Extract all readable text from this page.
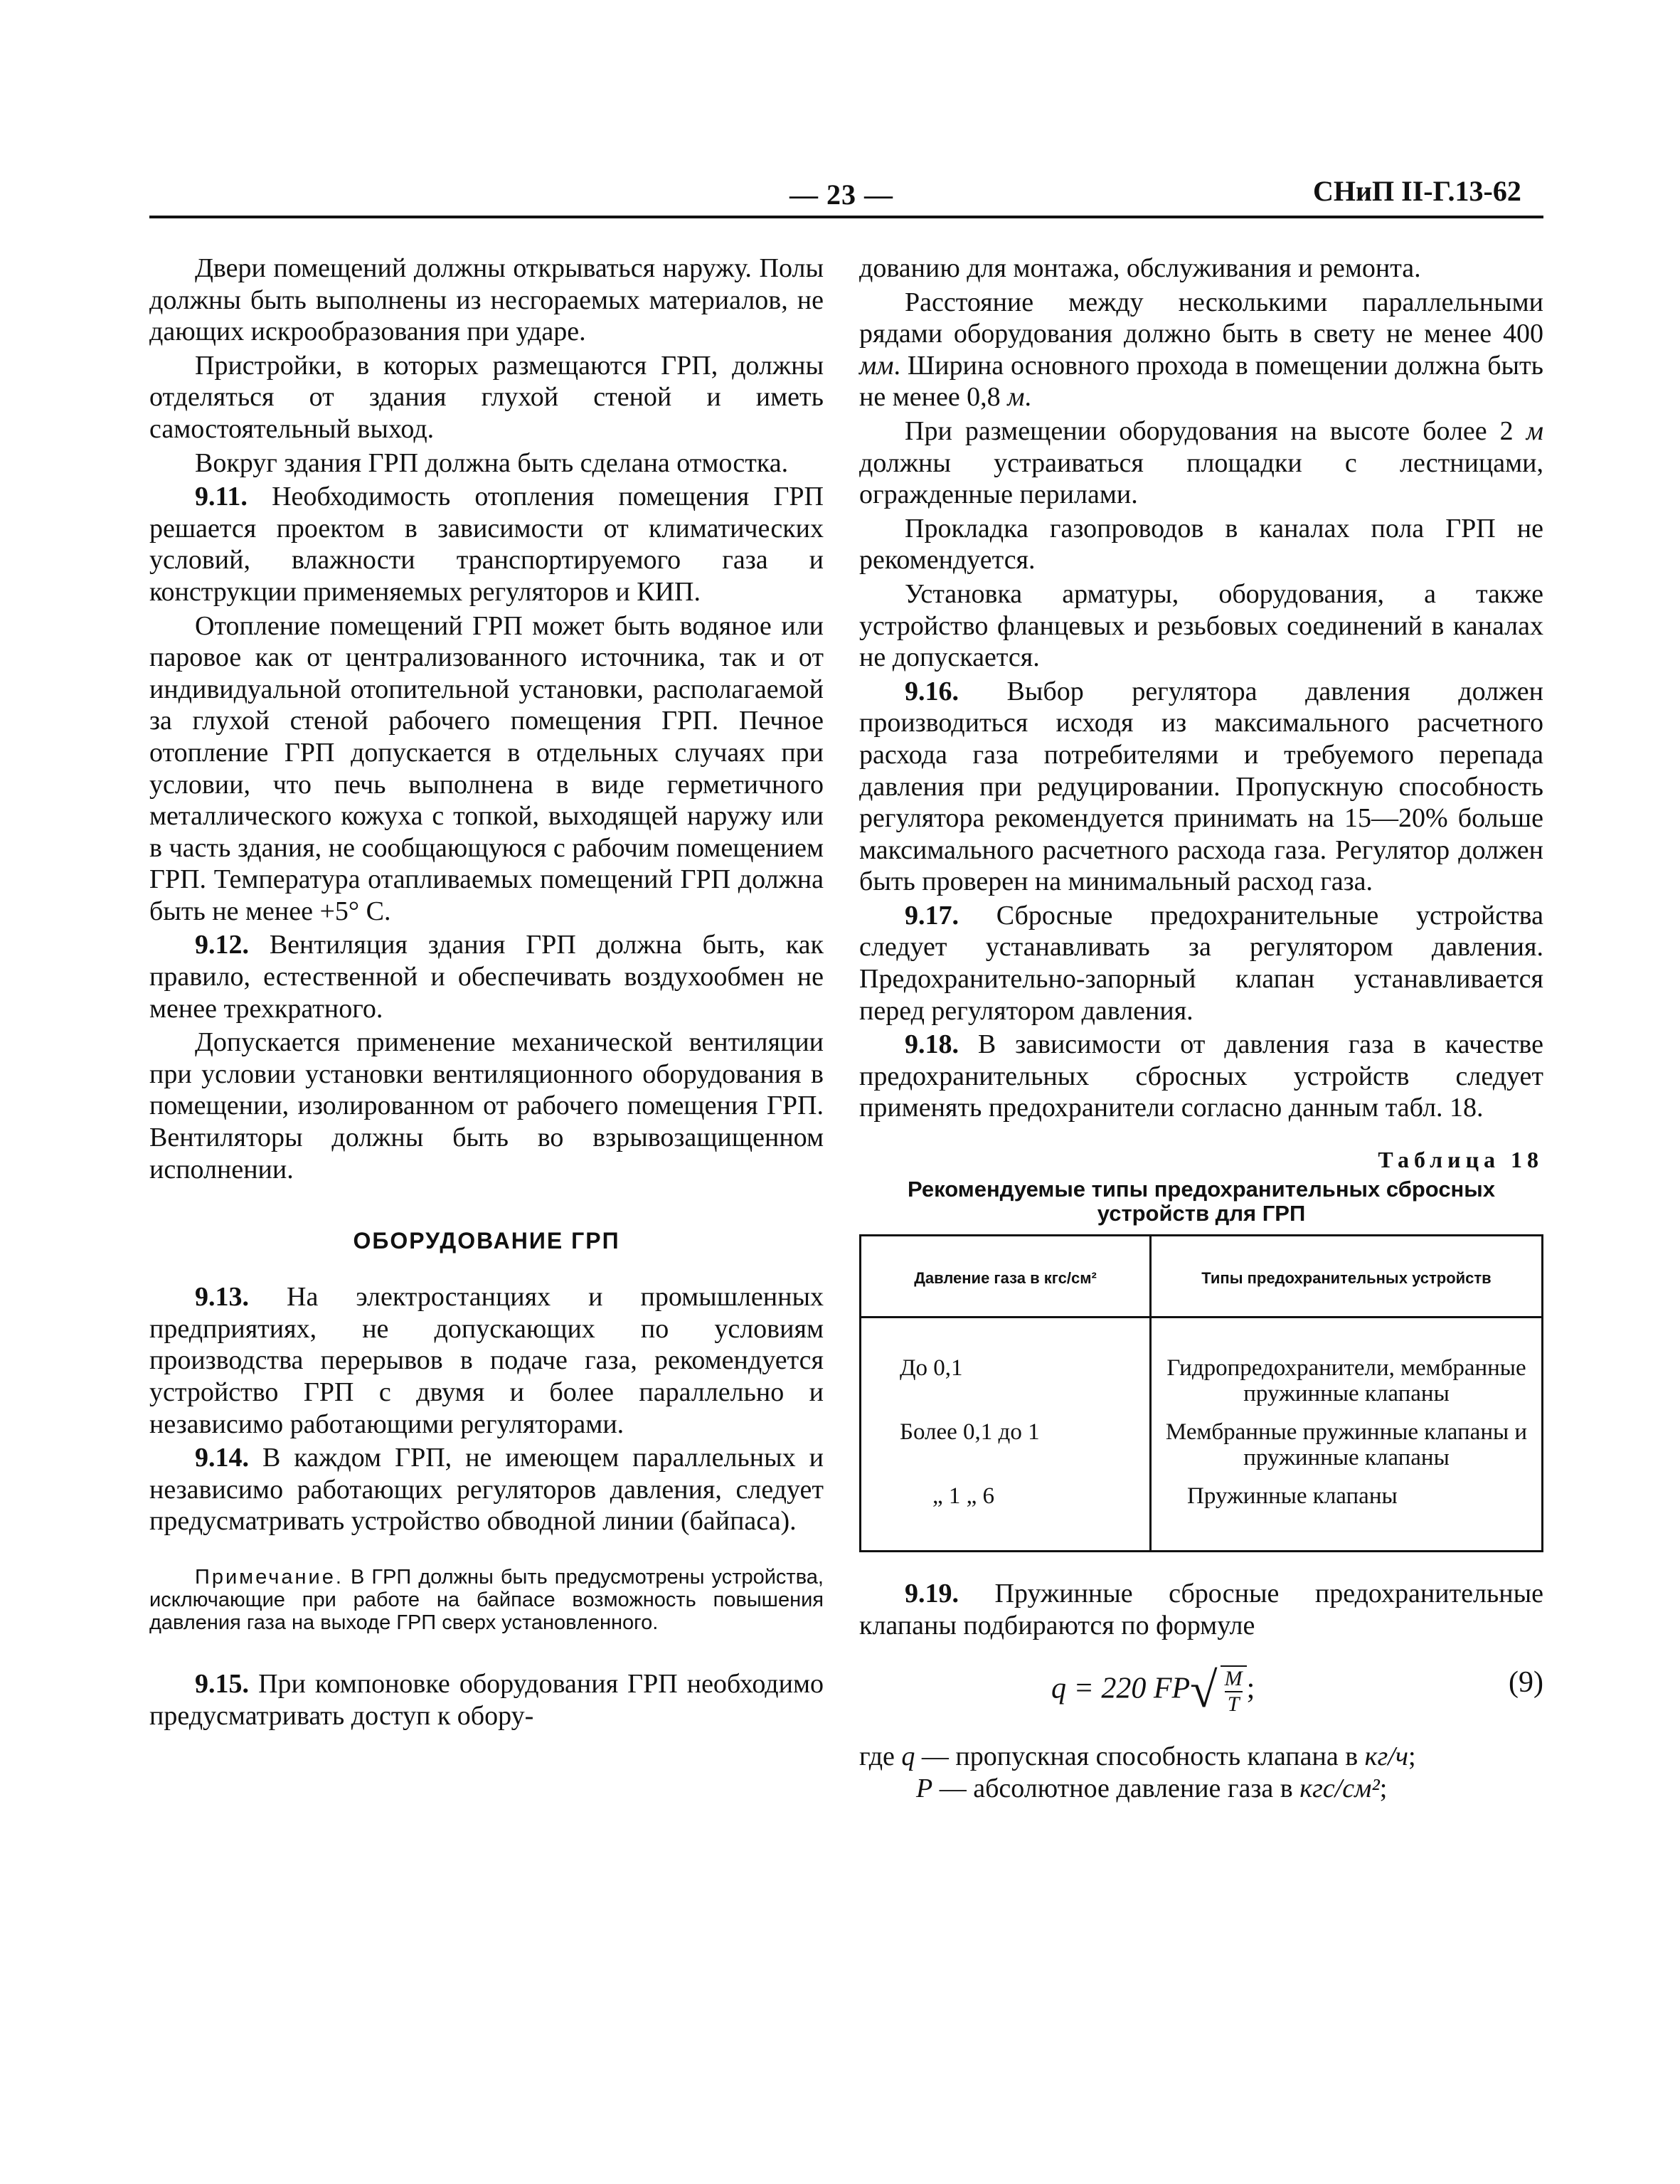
— 23 —	СНиП II-Г.13-62

Двери помещений должны открываться наружу. Полы должны быть выполнены из несгораемых материалов, не дающих искрообразования при ударе.

Пристройки, в которых размещаются ГРП, должны отделяться от здания глухой стеной и иметь самостоятельный выход.

Вокруг здания ГРП должна быть сделана отмостка.

9.11. Необходимость отопления помещения ГРП решается проектом в зависимости от климатических условий, влажности транспортируемого газа и конструкции применяемых регуляторов и КИП.

Отопление помещений ГРП может быть водяное или паровое как от централизованного источника, так и от индивидуальной отопительной установки, располагаемой за глухой стеной рабочего помещения ГРП. Печное отопление ГРП допускается в отдельных случаях при условии, что печь выполнена в виде герметичного металлического кожуха с топкой, выходящей наружу или в часть здания, не сообщающуюся с рабочим помещением ГРП. Температура отапливаемых помещений ГРП должна быть не менее +5° С.

9.12. Вентиляция здания ГРП должна быть, как правило, естественной и обеспечивать воздухообмен не менее трехкратного.

Допускается применение механической вентиляции при условии установки вентиляционного оборудования в помещении, изолированном от рабочего помещения ГРП. Вентиляторы должны быть во взрывозащищенном исполнении.

ОБОРУДОВАНИЕ ГРП

9.13. На электростанциях и промышленных предприятиях, не допускающих по условиям производства перерывов в подаче газа, рекомендуется устройство ГРП с двумя и более параллельно и независимо работающими регуляторами.

9.14. В каждом ГРП, не имеющем параллельных и независимо работающих регуляторов давления, следует предусматривать устройство обводной линии (байпаса).

Примечание. В ГРП должны быть предусмотрены устройства, исключающие при работе на байпасе возможность повышения давления газа на выходе ГРП сверх установленного.

9.15. При компоновке оборудования ГРП необходимо предусматривать доступ к обору-

дованию для монтажа, обслуживания и ремонта.

Расстояние между несколькими параллельными рядами оборудования должно быть в свету не менее 400 мм. Ширина основного прохода в помещении должна быть не менее 0,8 м.

При размещении оборудования на высоте более 2 м должны устраиваться площадки с лестницами, огражденные перилами.

Прокладка газопроводов в каналах пола ГРП не рекомендуется.

Установка арматуры, оборудования, а также устройство фланцевых и резьбовых соединений в каналах не допускается.

9.16. Выбор регулятора давления должен производиться исходя из максимального расчетного расхода газа потребителями и требуемого перепада давления при редуцировании. Пропускную способность регулятора рекомендуется принимать на 15—20% больше максимального расчетного расхода газа. Регулятор должен быть проверен на минимальный расход газа.

9.17. Сбросные предохранительные устройства следует устанавливать за регулятором давления. Предохранительно-запорный клапан устанавливается перед регулятором давления.

9.18. В зависимости от давления газа в качестве предохранительных сбросных устройств следует применять предохранители согласно данным табл. 18.

Таблица 18
Рекомендуемые типы предохранительных сбросных устройств для ГРП
Давление газа в кгс/см²	Типы предохранительных устройств
До 0,1	Гидропредохранители, мембранные пружинные клапаны
Более 0,1 до 1	Мембранные пружинные клапаны и пружинные клапаны
„ 1 „ 6	Пружинные клапаны

9.19. Пружинные сбросные предохранительные клапаны подбираются по формуле

q = 220 $FP√ \frac{M}{T}$ ;	(9)
где q — пропускная способность клапана в кг/ч;
P — абсолютное давление газа в кгс/см²;
